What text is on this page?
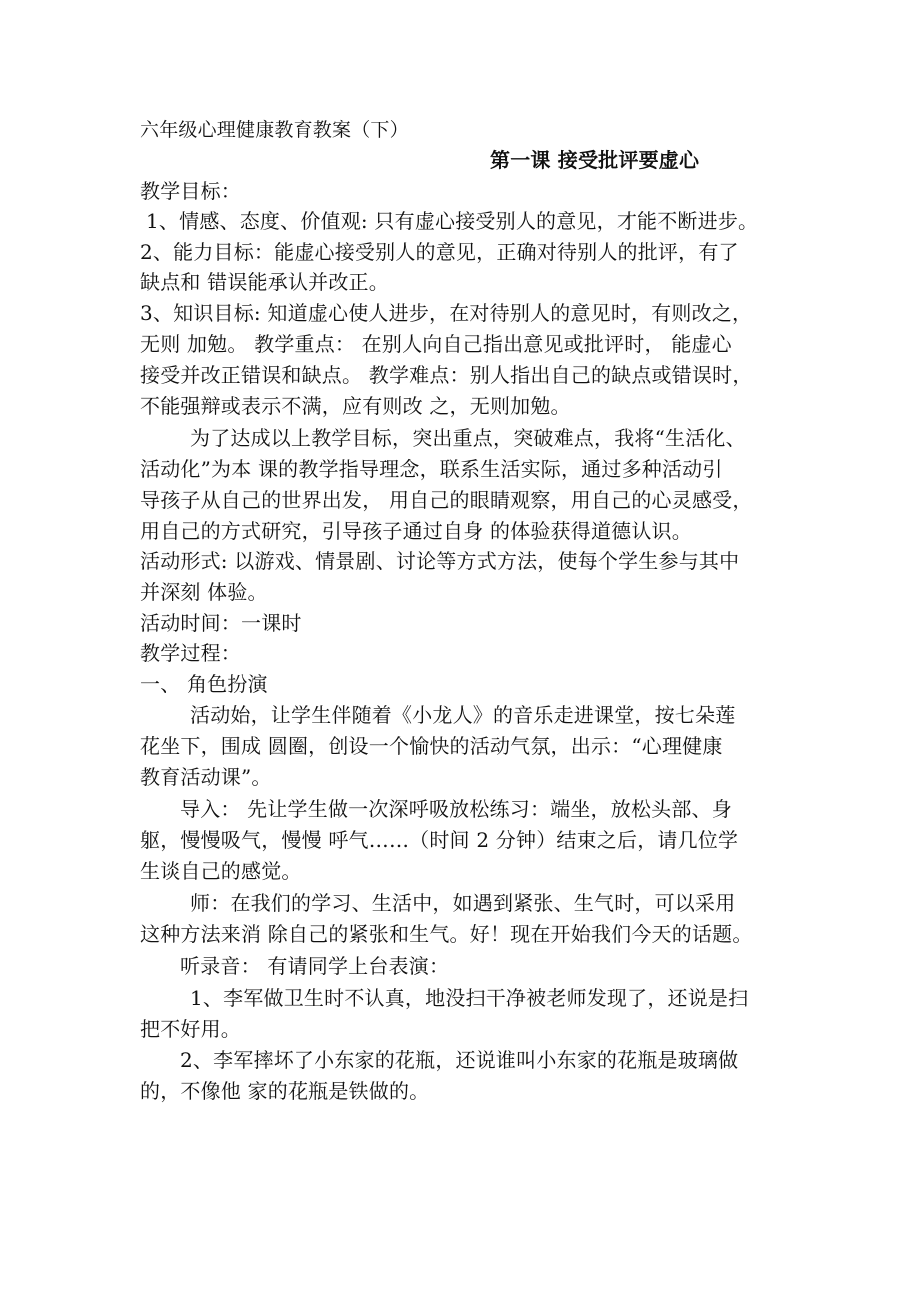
六年级心理健康教育教案（下）
第一课 接受批评要虚心
教学目标：
1、情感、态度、价值观: 只有虚心接受别人的意见，才能不断进步。
2、能力目标：能虚心接受别人的意见，正确对待别人的批评，有了
缺点和 错误能承认并改正。
3、知识目标: 知道虚心使人进步，在对待别人的意见时，有则改之，
无则 加勉。 教学重点： 在别人向自己指出意见或批评时， 能虚心
接受并改正错误和缺点。 教学难点：别人指出自己的缺点或错误时，
不能强辩或表示不满，应有则改 之，无则加勉。
为了达成以上教学目标，突出重点，突破难点，我将“生活化、
活动化”为本 课的教学指导理念，联系生活实际，通过多种活动引
导孩子从自己的世界出发， 用自己的眼睛观察，用自己的心灵感受，
用自己的方式研究，引导孩子通过自身 的体验获得道德认识。
活动形式: 以游戏、情景剧、讨论等方式方法，使每个学生参与其中
并深刻 体验。
活动时间：一课时
教学过程：
一、 角色扮演
活动始，让学生伴随着《小龙人》的音乐走进课堂，按七朵莲
花坐下，围成 圆圈，创设一个愉快的活动气氛，出示：“心理健康
教育活动课”。
导入： 先让学生做一次深呼吸放松练习：端坐，放松头部、身
躯，慢慢吸气，慢慢 呼气……（时间 2 分钟）结束之后，请几位学
生谈自己的感觉。
师：在我们的学习、生活中，如遇到紧张、生气时，可以采用
这种方法来消 除自己的紧张和生气。好！现在开始我们今天的话题。
听录音： 有请同学上台表演：
1、李军做卫生时不认真，地没扫干净被老师发现了，还说是扫
把不好用。
2、李军摔坏了小东家的花瓶，还说谁叫小东家的花瓶是玻璃做
的，不像他 家的花瓶是铁做的。
